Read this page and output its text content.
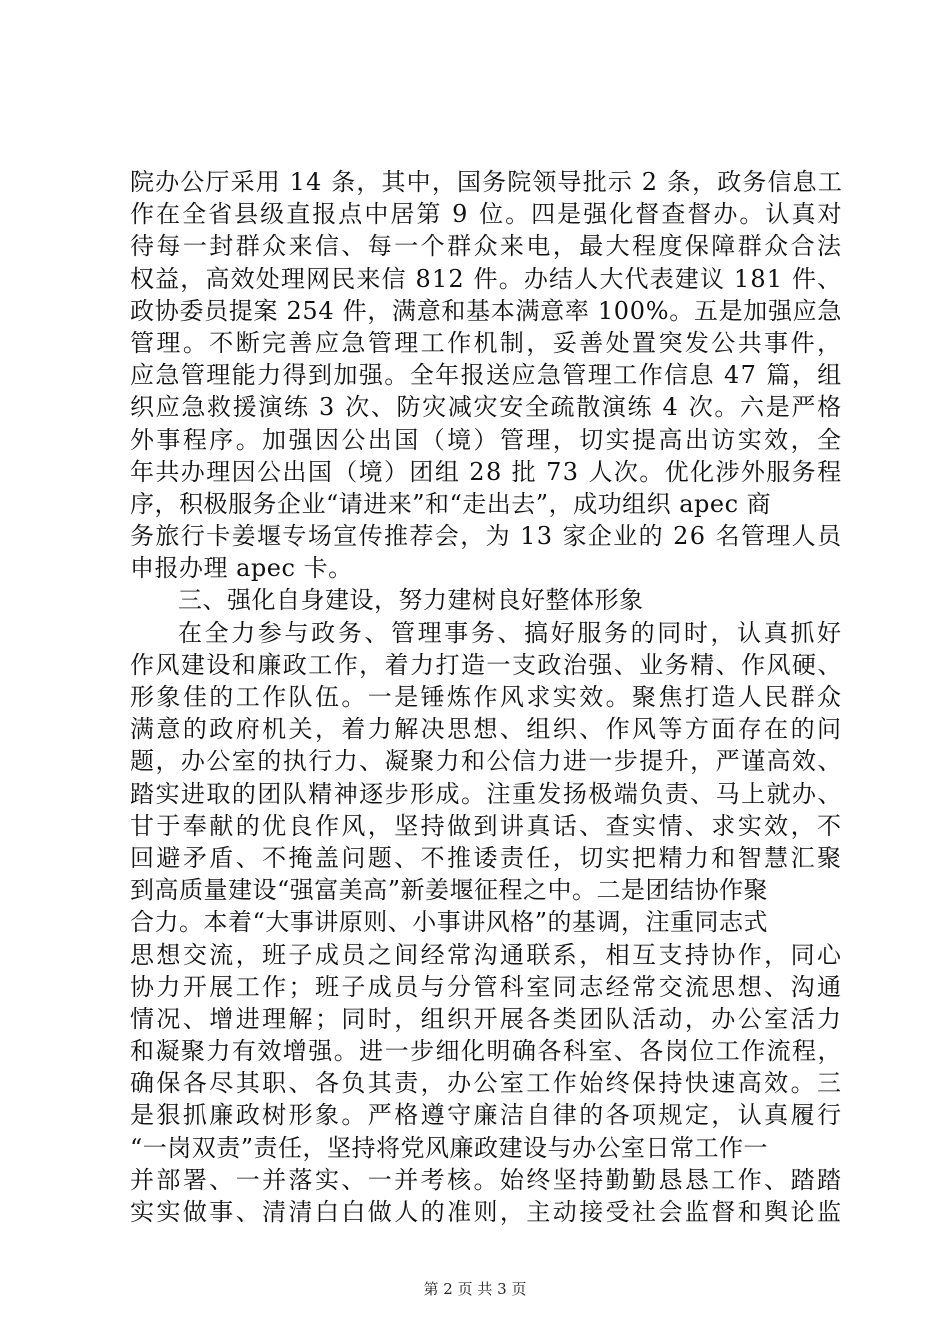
院办公厅采用 14 条，其中，国务院领导批示 2 条，政务信息工
作在全省县级直报点中居第 9 位。四是强化督查督办。认真对
待每一封群众来信、每一个群众来电，最大程度保障群众合法
权益，高效处理网民来信 812 件。办结人大代表建议 181 件、
政协委员提案 254 件，满意和基本满意率 100%。五是加强应急
管理。不断完善应急管理工作机制，妥善处置突发公共事件，
应急管理能力得到加强。全年报送应急管理工作信息 47 篇，组
织应急救援演练 3 次、防灾减灾安全疏散演练 4 次。六是严格
外事程序。加强因公出国（境）管理，切实提高出访实效，全
年共办理因公出国（境）团组 28 批 73 人次。优化涉外服务程
序，积极服务企业“请进来”和“走出去”，成功组织 apec 商
务旅行卡姜堰专场宣传推荐会，为 13 家企业的 26 名管理人员
申报办理 apec 卡。
三、强化自身建设，努力建树良好整体形象
在全力参与政务、管理事务、搞好服务的同时，认真抓好
作风建设和廉政工作，着力打造一支政治强、业务精、作风硬、
形象佳的工作队伍。一是锤炼作风求实效。聚焦打造人民群众
满意的政府机关，着力解决思想、组织、作风等方面存在的问
题，办公室的执行力、凝聚力和公信力进一步提升，严谨高效、
踏实进取的团队精神逐步形成。注重发扬极端负责、马上就办、
甘于奉献的优良作风，坚持做到讲真话、查实情、求实效，不
回避矛盾、不掩盖问题、不推诿责任，切实把精力和智慧汇聚
到高质量建设“强富美高”新姜堰征程之中。二是团结协作聚
合力。本着“大事讲原则、小事讲风格”的基调，注重同志式
思想交流，班子成员之间经常沟通联系，相互支持协作，同心
协力开展工作；班子成员与分管科室同志经常交流思想、沟通
情况、增进理解；同时，组织开展各类团队活动，办公室活力
和凝聚力有效增强。进一步细化明确各科室、各岗位工作流程，
确保各尽其职、各负其责，办公室工作始终保持快速高效。三
是狠抓廉政树形象。严格遵守廉洁自律的各项规定，认真履行
“一岗双责”责任，坚持将党风廉政建设与办公室日常工作一
并部署、一并落实、一并考核。始终坚持勤勤恳恳工作、踏踏
实实做事、清清白白做人的准则，主动接受社会监督和舆论监
第 2 页 共 3 页
